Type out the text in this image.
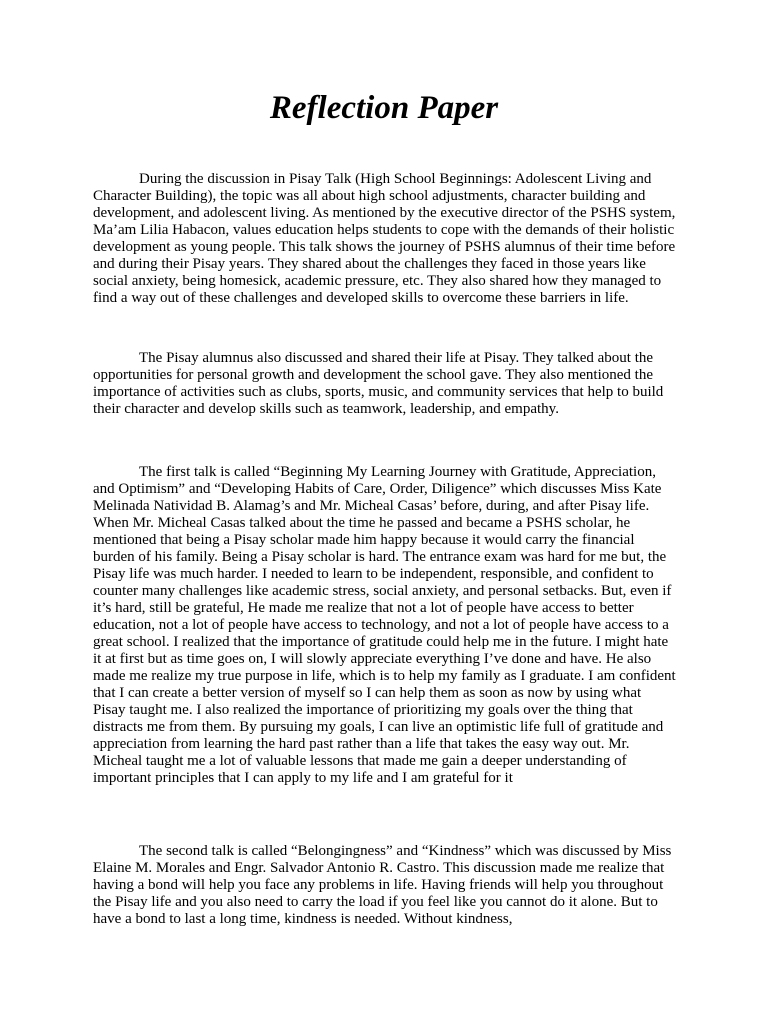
Reflection Paper

During the discussion in Pisay Talk (High School Beginnings: Adolescent Living and Character Building), the topic was all about high school adjustments, character building and development, and adolescent living. As mentioned by the executive director of the PSHS system, Ma’am Lilia Habacon, values education helps students to cope with the demands of their holistic development as young people. This talk shows the journey of PSHS alumnus of their time before and during their Pisay years. They shared about the challenges they faced in those years like social anxiety, being homesick, academic pressure, etc. They also shared how they managed to find a way out of these challenges and developed skills to overcome these barriers in life.

The Pisay alumnus also discussed and shared their life at Pisay. They talked about the opportunities for personal growth and development the school gave. They also mentioned the importance of activities such as clubs, sports, music, and community services that help to build their character and develop skills such as teamwork, leadership, and empathy.

The first talk is called “Beginning My Learning Journey with Gratitude, Appreciation, and Optimism” and “Developing Habits of Care, Order, Diligence” which discusses Miss Kate Melinada Natividad B. Alamag’s and Mr. Micheal Casas’ before, during, and after Pisay life. When Mr. Micheal Casas talked about the time he passed and became a PSHS scholar, he mentioned that being a Pisay scholar made him happy because it would carry the financial burden of his family. Being a Pisay scholar is hard. The entrance exam was hard for me but, the Pisay life was much harder. I needed to learn to be independent, responsible, and confident to counter many challenges like academic stress, social anxiety, and personal setbacks. But, even if it’s hard, still be grateful, He made me realize that not a lot of people have access to better education, not a lot of people have access to technology, and not a lot of people have access to a great school. I realized that the importance of gratitude could help me in the future. I might hate it at first but as time goes on, I will slowly appreciate everything I’ve done and have. He also made me realize my true purpose in life, which is to help my family as I graduate. I am confident that I can create a better version of myself so I can help them as soon as now by using what Pisay taught me. I also realized the importance of prioritizing my goals over the thing that distracts me from them. By pursuing my goals, I can live an optimistic life full of gratitude and appreciation from learning the hard past rather than a life that takes the easy way out. Mr. Micheal taught me a lot of valuable lessons that made me gain a deeper understanding of important principles that I can apply to my life and I am grateful for it

The second talk is called “Belongingness” and “Kindness” which was discussed by Miss Elaine M. Morales and Engr. Salvador Antonio R. Castro. This discussion made me realize that having a bond will help you face any problems in life. Having friends will help you throughout the Pisay life and you also need to carry the load if you feel like you cannot do it alone. But to have a bond to last a long time, kindness is needed. Without kindness,
